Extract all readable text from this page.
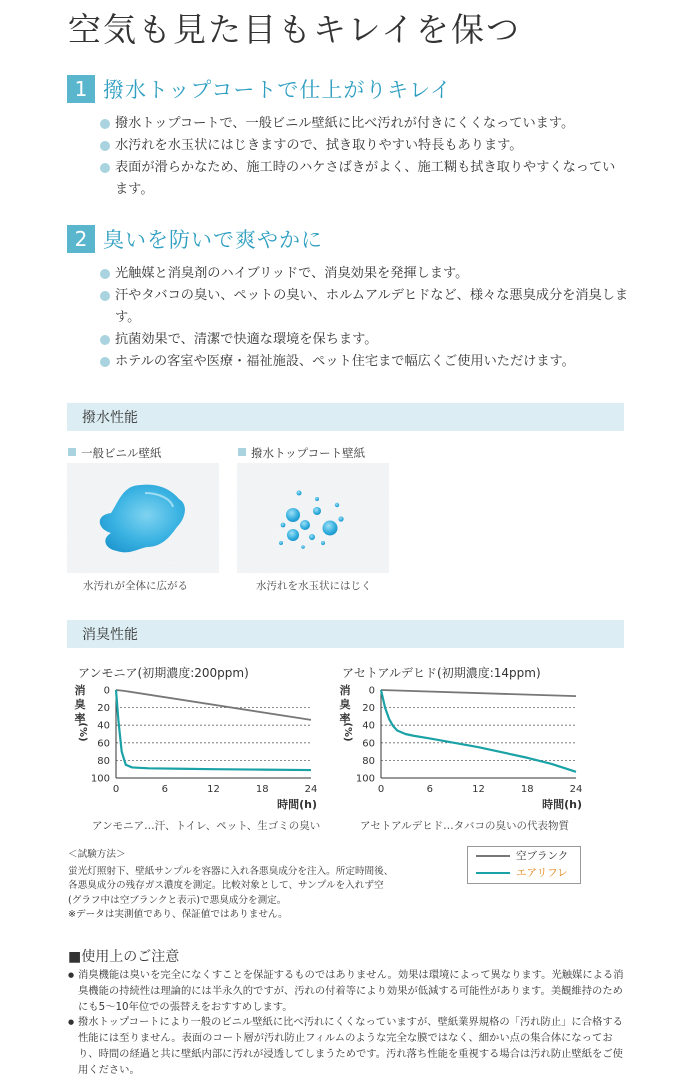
空気も見た目もキレイを保つ
1 撥水トップコートで仕上がりキレイ
撥水トップコートで、一般ビニル壁紙に比べ汚れが付きにくくなっています。
水汚れを水玉状にはじきますので、拭き取りやすい特長もあります。
表面が滑らかなため、施工時のハケさばきがよく、施工糊も拭き取りやすくなっています。
2 臭いを防いで爽やかに
光触媒と消臭剤のハイブリッドで、消臭効果を発揮します。
汗やタバコの臭い、ペットの臭い、ホルムアルデヒドなど、様々な悪臭成分を消臭します。
抗菌効果で、清潔で快適な環境を保ちます。
ホテルの客室や医療・福祉施設、ペット住宅まで幅広くご使用いただけます。
撥水性能
一般ビニル壁紙	撥水トップコート壁紙
水汚れが全体に広がる	水汚れを水玉状にはじく
消臭性能
アンモニア(初期濃度:200ppm)	アセトアルデヒド(初期濃度:14ppm)
消
臭
率
(%)
0
20
40
60
80
100
0	6	12	18	24
時間(h)
消
臭
率
(%)
0
20
40
60
80
100
0	6	12	18	24
時間(h)
アンモニア…汗、トイレ、ペット、生ゴミの臭い	アセトアルデヒド…タバコの臭いの代表物質
＜試験方法＞
蛍光灯照射下、壁紙サンプルを容器に入れ各悪臭成分を注入。所定時間後、
各悪臭成分の残存ガス濃度を測定。比較対象として、サンプルを入れず空
(グラフ中は空ブランクと表示)で悪臭成分を測定。
※データは実測値であり、保証値ではありません。
空ブランク
エアリフレ
■使用上のご注意
● 消臭機能は臭いを完全になくすことを保証するものではありません。効果は環境によって異なります。光触媒による消臭機能の持続性は理論的には半永久的ですが、汚れの付着等により効果が低減する可能性があります。美観維持のためにも5〜10年位での張替えをおすすめします。
● 撥水トップコートにより一般のビニル壁紙に比べ汚れにくくなっていますが、壁紙業界規格の「汚れ防止」に合格する性能には至りません。表面のコート層が汚れ防止フィルムのような完全な膜ではなく、細かい点の集合体になっており、時間の経過と共に壁紙内部に汚れが浸透してしまうためです。汚れ落ち性能を重視する場合は汚れ防止壁紙をご使用ください。
